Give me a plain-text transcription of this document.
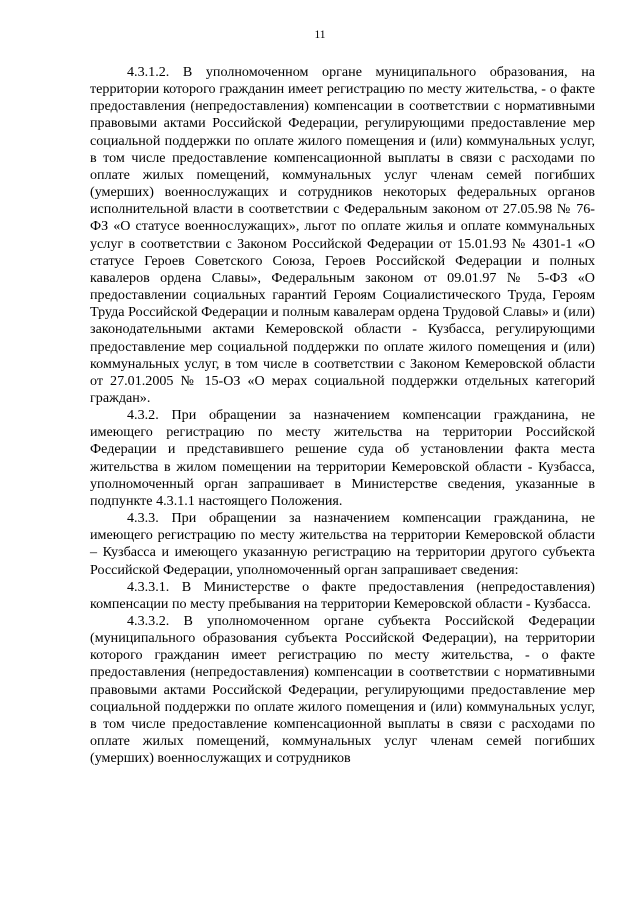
11

4.3.1.2. В уполномоченном органе муниципального образования, на территории которого гражданин имеет регистрацию по месту жительства, - о факте предоставления (непредоставления) компенсации в соответствии с нормативными правовыми актами Российской Федерации, регулирующими предоставление мер социальной поддержки по оплате жилого помещения и (или) коммунальных услуг, в том числе предоставление компенсационной выплаты в связи с расходами по оплате жилых помещений, коммунальных услуг членам семей погибших (умерших) военнослужащих и сотрудников некоторых федеральных органов исполнительной власти в соответствии с Федеральным законом от 27.05.98 № 76-ФЗ «О статусе военнослужащих», льгот по оплате жилья и оплате коммунальных услуг в соответствии с Законом Российской Федерации от 15.01.93 № 4301-1 «О статусе Героев Советского Союза, Героев Российской Федерации и полных кавалеров ордена Славы», Федеральным законом от 09.01.97 № 5-ФЗ «О предоставлении социальных гарантий Героям Социалистического Труда, Героям Труда Российской Федерации и полным кавалерам ордена Трудовой Славы» и (или) законодательными актами Кемеровской области - Кузбасса, регулирующими предоставление мер социальной поддержки по оплате жилого помещения и (или) коммунальных услуг, в том числе в соответствии с Законом Кемеровской области от 27.01.2005 № 15-ОЗ «О мерах социальной поддержки отдельных категорий граждан».

4.3.2. При обращении за назначением компенсации гражданина, не имеющего регистрацию по месту жительства на территории Российской Федерации и представившего решение суда об установлении факта места жительства в жилом помещении на территории Кемеровской области - Кузбасса, уполномоченный орган запрашивает в Министерстве сведения, указанные в подпункте 4.3.1.1 настоящего Положения.

4.3.3. При обращении за назначением компенсации гражданина, не имеющего регистрацию по месту жительства на территории Кемеровской области – Кузбасса и имеющего указанную регистрацию на территории другого субъекта Российской Федерации, уполномоченный орган запрашивает сведения:

4.3.3.1. В Министерстве о факте предоставления (непредоставления) компенсации по месту пребывания на территории Кемеровской области - Кузбасса.

4.3.3.2. В уполномоченном органе субъекта Российской Федерации (муниципального образования субъекта Российской Федерации), на территории которого гражданин имеет регистрацию по месту жительства, - о факте предоставления (непредоставления) компенсации в соответствии с нормативными правовыми актами Российской Федерации, регулирующими предоставление мер социальной поддержки по оплате жилого помещения и (или) коммунальных услуг, в том числе предоставление компенсационной выплаты в связи с расходами по оплате жилых помещений, коммунальных услуг членам семей погибших (умерших) военнослужащих и сотрудников
